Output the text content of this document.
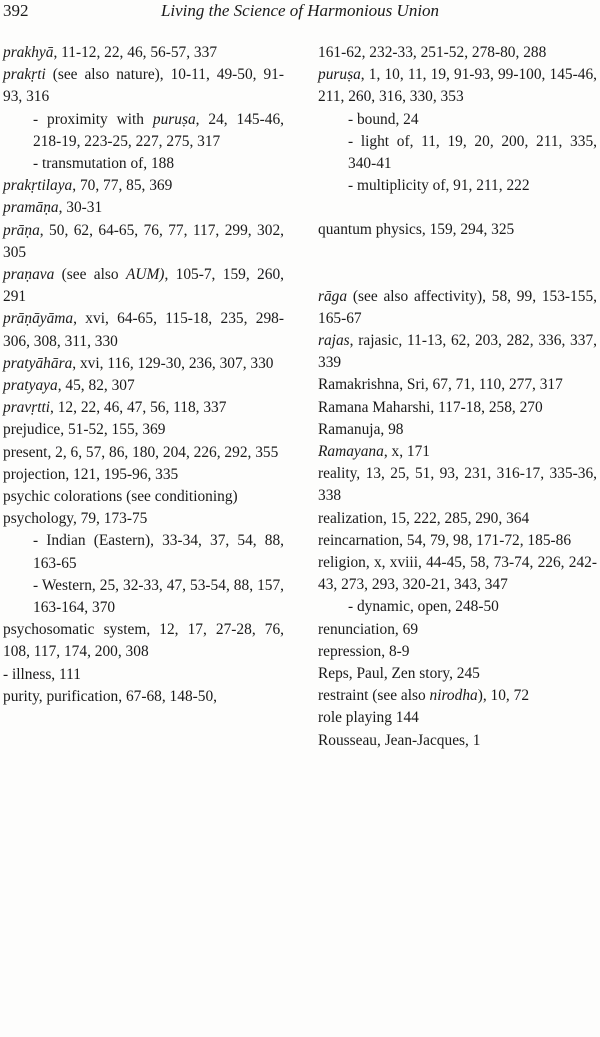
392	Living the Science of Harmonious Union
prakhyā, 11-12, 22, 46, 56-57, 337
prakṛti (see also nature), 10-11, 49-50, 91-93, 316
- proximity with puruṣa, 24, 145-46, 218-19, 223-25, 227, 275, 317
- transmutation of, 188
prakṛtilaya, 70, 77, 85, 369
pramāṇa, 30-31
prāṇa, 50, 62, 64-65, 76, 77, 117, 299, 302, 305
praṇava (see also AUM), 105-7, 159, 260, 291
prāṇāyāma, xvi, 64-65, 115-18, 235, 298-306, 308, 311, 330
pratyāhāra, xvi, 116, 129-30, 236, 307, 330
pratyaya, 45, 82, 307
pravṛtti, 12, 22, 46, 47, 56, 118, 337
prejudice, 51-52, 155, 369
present, 2, 6, 57, 86, 180, 204, 226, 292, 355
projection, 121, 195-96, 335
psychic colorations (see conditioning)
psychology, 79, 173-75
- Indian (Eastern), 33-34, 37, 54, 88, 163-65
- Western, 25, 32-33, 47, 53-54, 88, 157, 163-164, 370
psychosomatic system, 12, 17, 27-28, 76, 108, 117, 174, 200, 308
- illness, 111
purity, purification, 67-68, 148-50,
161-62, 232-33, 251-52, 278-80, 288
puruṣa, 1, 10, 11, 19, 91-93, 99-100, 145-46, 211, 260, 316, 330, 353
- bound, 24
- light of, 11, 19, 20, 200, 211, 335, 340-41
- multiplicity of, 91, 211, 222
quantum physics, 159, 294, 325
rāga (see also affectivity), 58, 99, 153-155, 165-67
rajas, rajasic, 11-13, 62, 203, 282, 336, 337, 339
Ramakrishna, Sri, 67, 71, 110, 277, 317
Ramana Maharshi, 117-18, 258, 270
Ramanuja, 98
Ramayana, x, 171
reality, 13, 25, 51, 93, 231, 316-17, 335-36, 338
realization, 15, 222, 285, 290, 364
reincarnation, 54, 79, 98, 171-72, 185-86
religion, x, xviii, 44-45, 58, 73-74, 226, 242-43, 273, 293, 320-21, 343, 347
- dynamic, open, 248-50
renunciation, 69
repression, 8-9
Reps, Paul, Zen story, 245
restraint (see also nirodha), 10, 72
role playing 144
Rousseau, Jean-Jacques, 1
